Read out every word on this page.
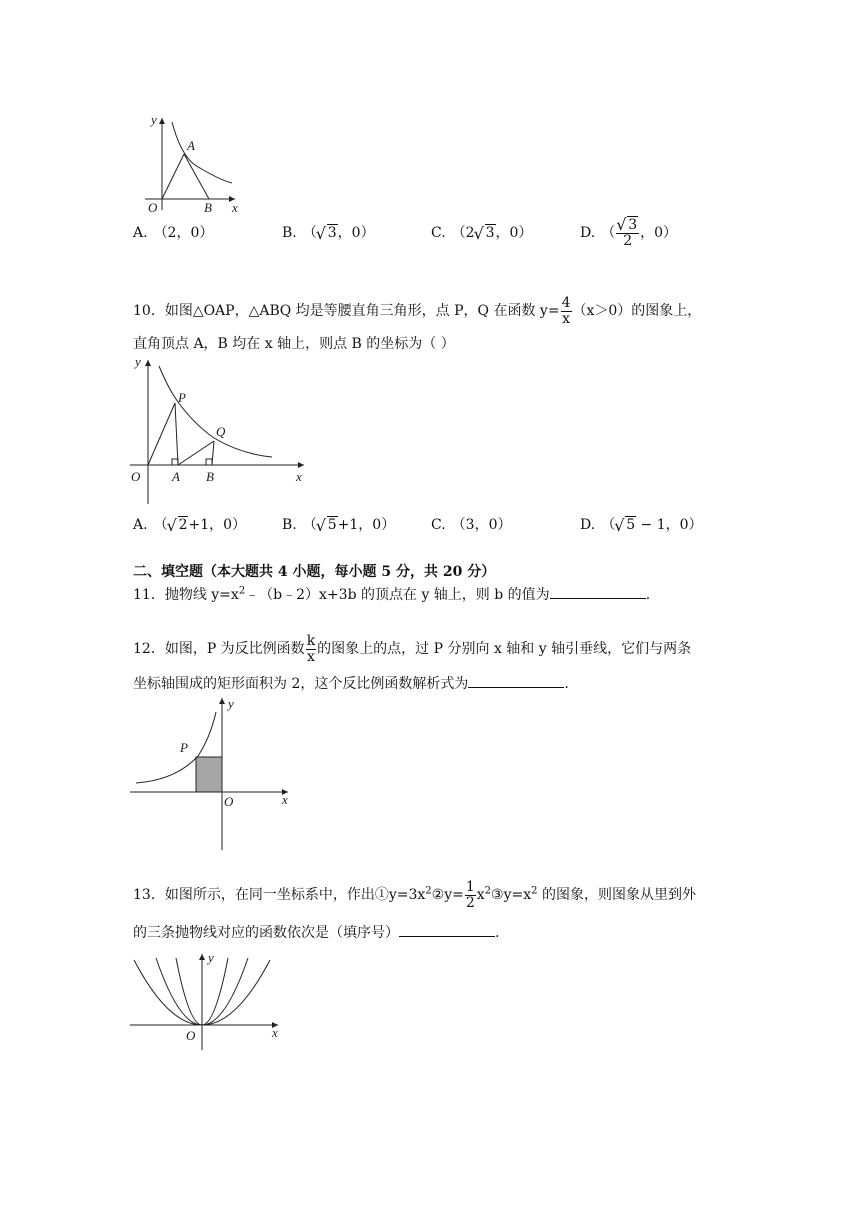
y
A
O	B x
A. （2，0）	B. （ √ 3，0）	C. （2 √ 3，0）	D. （ √ $\frac{3}{2}$ ，0）
10．如图△OAP，△ABQ 均是等腰直角三角形，点 P，Q 在函数 $y= \frac{4}{x} (x>0)$的图象上，
直角顶点 A，B 均在 x 轴上，则点 B 的坐标为（ ）
y
P
Q
O A B	x
A. （ √ 2+1，0）	B. （ √ 5+1，0）	C. （3，0）	D. （ √ 5 − 1，0）
二、填空题（本大题共 4 小题，每小题 5 分，共 20 分）
11．抛物线 $y=x^2﹣(b﹣2)x+3b$ 的顶点在 y 轴上，则 b 的值为	.
12．如图，P 为反比例函数 $\frac{k}{x}$ 的图象上的点，过 P 分别向 x 轴和 y 轴引垂线，它们与两条
坐标轴围成的矩形面积为 2，这个反比例函数解析式为	.
P
y
O	x
13．如图所示，在同一坐标系中，作出$①y=3x^2②y= \frac{1}{2}$ $x^2③y=x^2$ 的图象，则图象从里到外
的三条抛物线对应的函数依次是（填序号）	.
y
O	x
